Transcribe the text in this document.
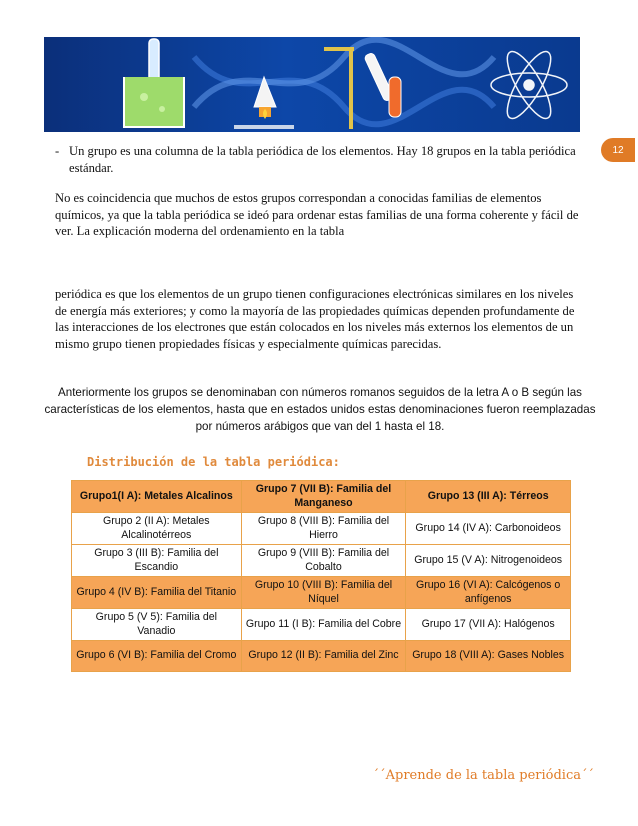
12
- Un grupo es una columna de la tabla periódica de los elementos. Hay 18 grupos en la tabla periódica estándar.

No es coincidencia que muchos de estos grupos correspondan a conocidas familias de elementos químicos, ya que la tabla periódica se ideó para ordenar estas familias de una forma coherente y fácil de ver. La explicación moderna del ordenamiento en la tabla

periódica es que los elementos de un grupo tienen configuraciones electrónicas similares en los niveles de energía más exteriores; y como la mayoría de las propiedades químicas dependen profundamente de las interacciones de los electrones que están colocados en los niveles más externos los elementos de un mismo grupo tienen propiedades físicas y especialmente químicas parecidas.

Anteriormente los grupos se denominaban con números romanos seguidos de la letra A o B según las características de los elementos, hasta que en estados unidos estas denominaciones fueron reemplazadas por números arábigos que van del 1 hasta el 18.
Distribución de la tabla periódica:
Grupo1(I A): Metales Alcalinos	Grupo 7 (VII B): Familia del Manganeso	Grupo 13 (III A): Térreos
Grupo 2 (II A): Metales Alcalinotérreos	Grupo 8 (VIII B): Familia del Hierro	Grupo 14 (IV A): Carbonoideos
Grupo 3 (III B): Familia del Escandio	Grupo 9 (VIII B): Familia del Cobalto	Grupo 15 (V A): Nitrogenoideos
Grupo 4 (IV B): Familia del Titanio	Grupo 10 (VIII B): Familia del Níquel	Grupo 16 (VI A): Calcógenos o anfígenos
Grupo 5 (V 5): Familia del Vanadio	Grupo 11 (I B): Familia del Cobre	Grupo 17 (VII A): Halógenos
Grupo 6 (VI B): Familia del Cromo	Grupo 12 (II B): Familia del Zinc	Grupo 18 (VIII A): Gases Nobles
´´Aprende de la tabla periódica´´
